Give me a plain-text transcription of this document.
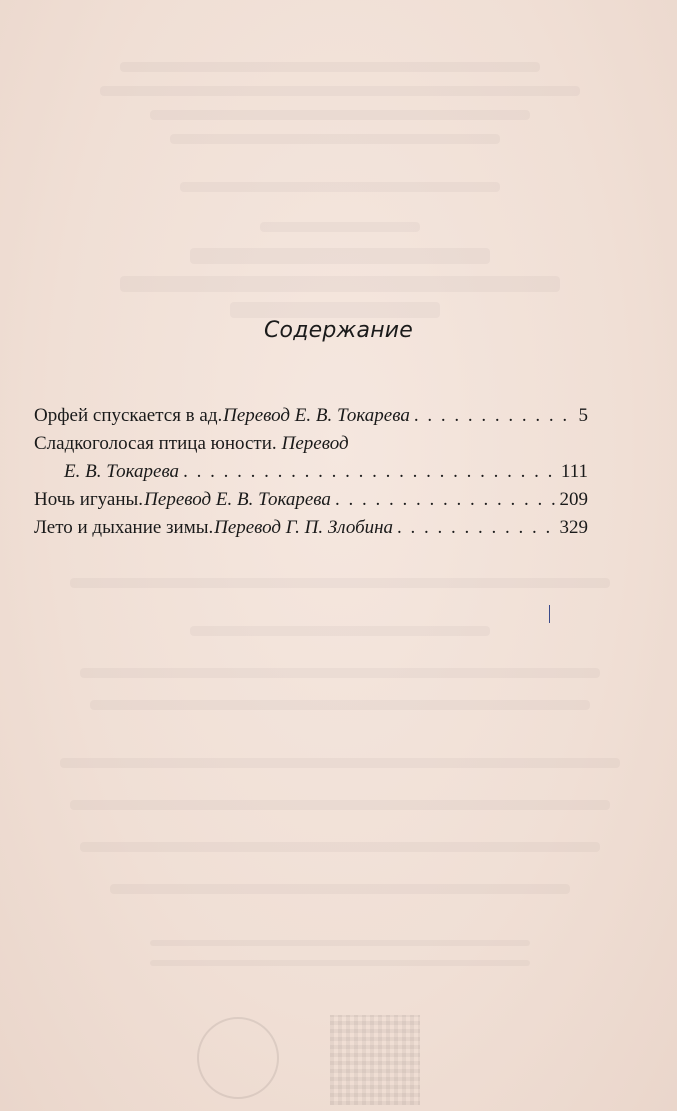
Содержание
Орфей спускается в ад. Перевод Е. В. Токарева . . .	5
Сладкоголосая птица юности. Перевод
Е. В. Токарева . . .	111
Ночь игуаны. Перевод Е. В. Токарева . . .	209
Лето и дыхание зимы. Перевод Г. П. Злобина . . .	329
